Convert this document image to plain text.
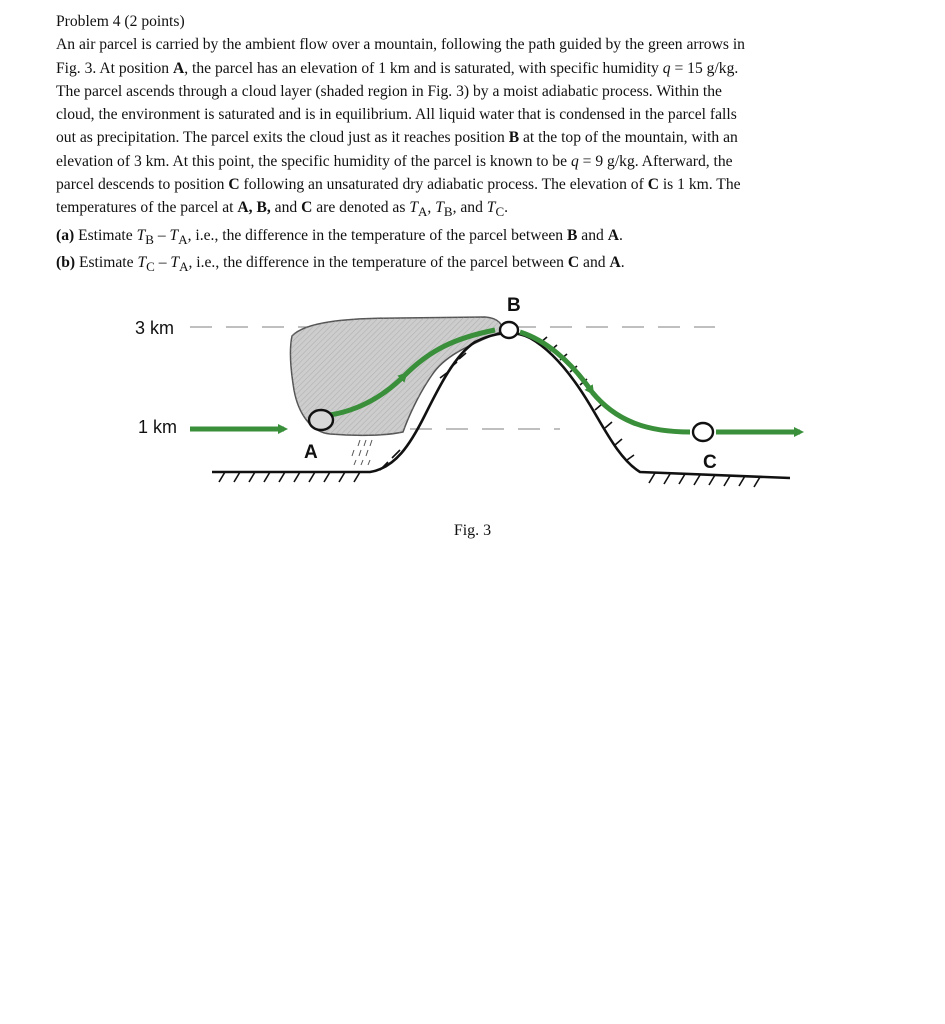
Problem 4 (2 points)
An air parcel is carried by the ambient flow over a mountain, following the path guided by the green arrows in
Fig. 3. At position A, the parcel has an elevation of 1 km and is saturated, with specific humidity q = 15 g/kg.
The parcel ascends through a cloud layer (shaded region in Fig. 3) by a moist adiabatic process. Within the
cloud, the environment is saturated and is in equilibrium. All liquid water that is condensed in the parcel falls
out as precipitation. The parcel exits the cloud just as it reaches position B at the top of the mountain, with an
elevation of 3 km. At this point, the specific humidity of the parcel is known to be q = 9 g/kg. Afterward, the
parcel descends to position C following an unsaturated dry adiabatic process. The elevation of C is 1 km. The
temperatures of the parcel at A, B, and C are denoted as $T_A$, $T_B$, and $T_C$.
(a) Estimate $T_B - T_A$, i.e., the difference in the temperature of the parcel between B and A.
(b) Estimate $T_C - T_A$, i.e., the difference in the temperature of the parcel between C and A.
3 km
1 km
A
B
C
Fig. 3
